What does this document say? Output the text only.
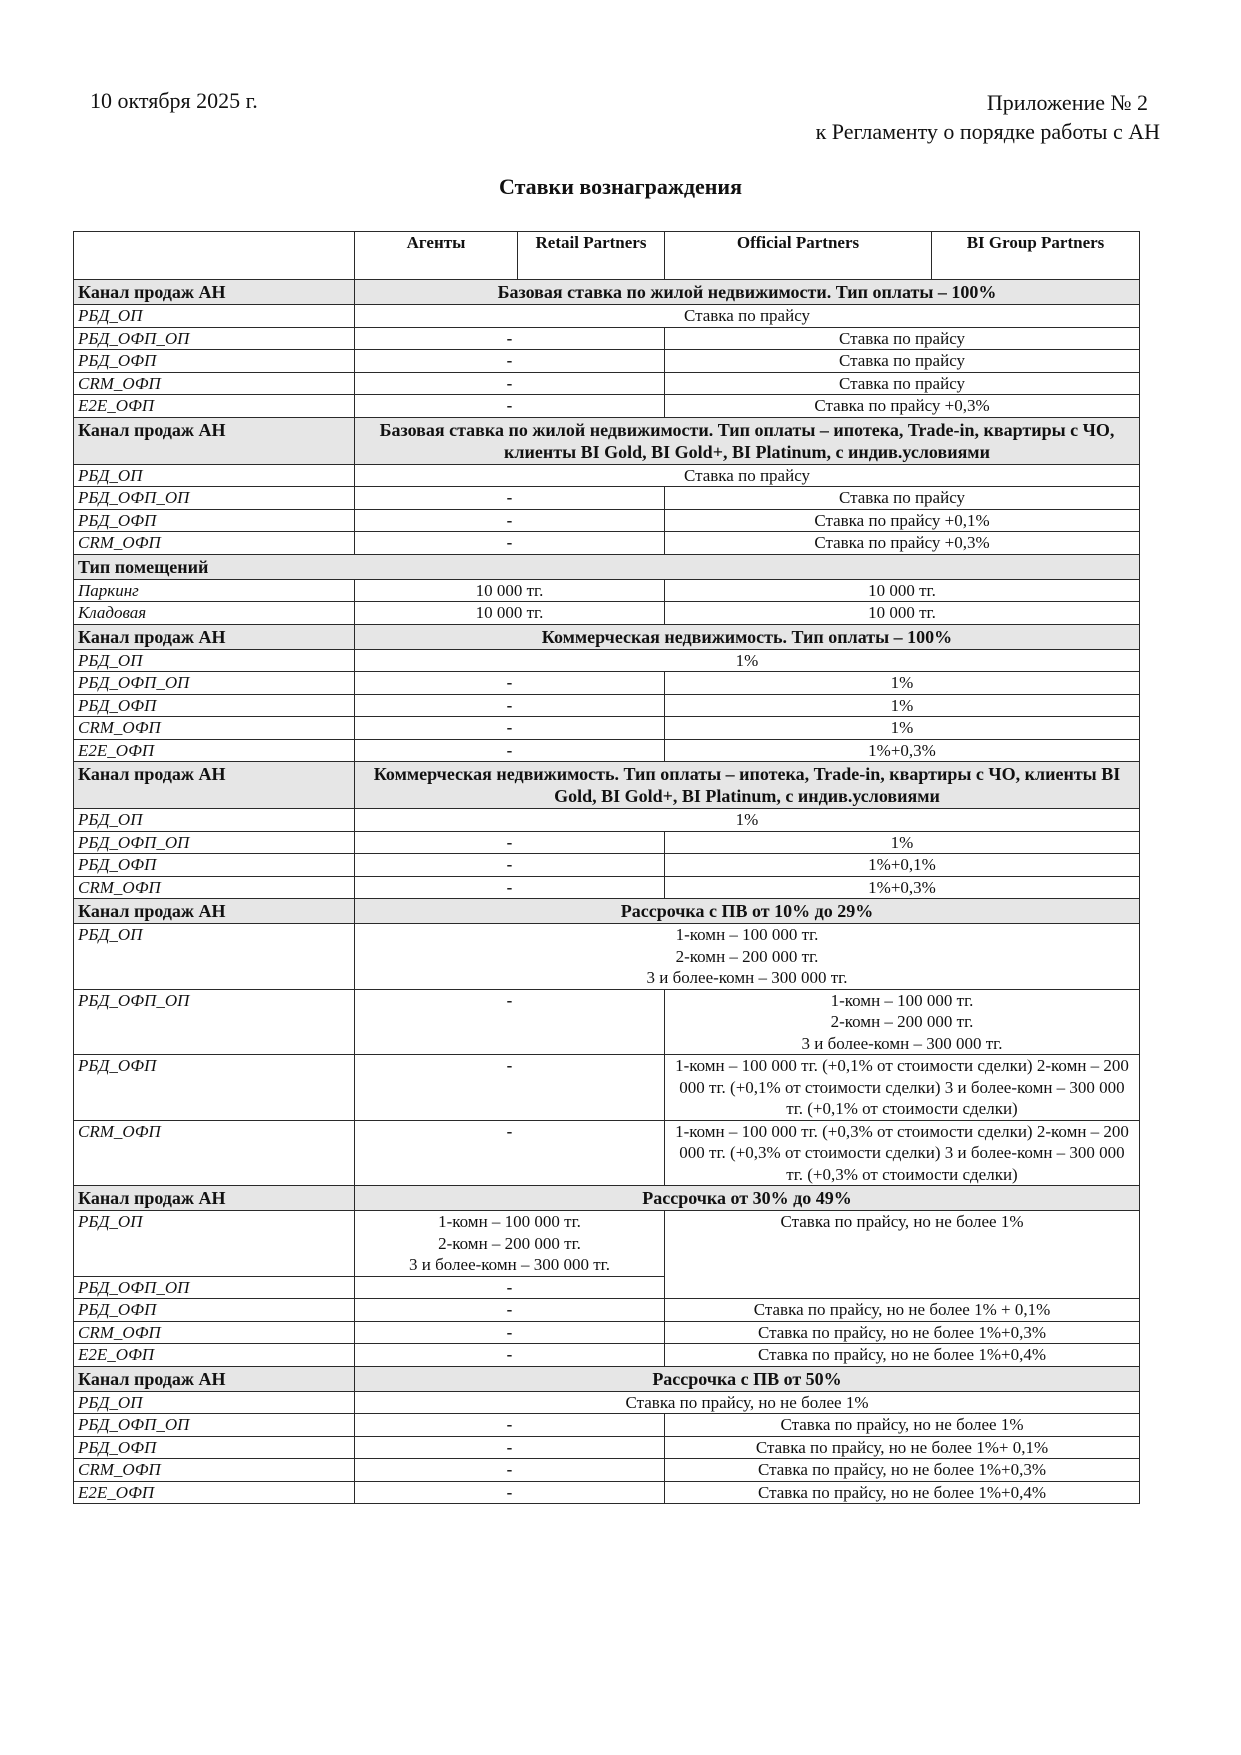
10 октября 2025 г.	Приложение № 2
к Регламенту о порядке работы с АН
Ставки вознаграждения
	Агенты	Retail Partners	Official Partners	BI Group Partners
Канал продаж АН	Базовая ставка по жилой недвижимости. Тип оплаты – 100%			
РБД_ОП	Ставка по прайсу			
РБД_ОФП_ОП	-		Ставка по прайсу	
РБД_ОФП	-		Ставка по прайсу	
CRM_ОФП	-		Ставка по прайсу	
E2E_ОФП	-		Ставка по прайсу +0,3%	
Канал продаж АН	Базовая ставка по жилой недвижимости. Тип оплаты – ипотека, Trade-in, квартиры с ЧО, клиенты BI Gold, BI Gold+, BI Platinum, с индив.условиями			
РБД_ОП	Ставка по прайсу			
РБД_ОФП_ОП	-		Ставка по прайсу	
РБД_ОФП	-		Ставка по прайсу +0,1%	
CRM_ОФП	-		Ставка по прайсу +0,3%	
Тип помещений				
Паркинг	10 000 тг.		10 000 тг.	
Кладовая	10 000 тг.		10 000 тг.	
Канал продаж АН	Коммерческая недвижимость. Тип оплаты – 100%			
РБД_ОП	1%			
РБД_ОФП_ОП	-		1%	
РБД_ОФП	-		1%	
CRM_ОФП	-		1%	
E2E_ОФП	-		1%+0,3%	
Канал продаж АН	Коммерческая недвижимость. Тип оплаты – ипотека, Trade-in, квартиры с ЧО, клиенты BI Gold, BI Gold+, BI Platinum, с индив.условиями			
РБД_ОП	1%			
РБД_ОФП_ОП	-		1%	
РБД_ОФП	-		1%+0,1%	
CRM_ОФП	-		1%+0,3%	
Канал продаж АН	Рассрочка с ПВ от 10% до 29%			
РБД_ОП	1-комн – 100 000 тг.
2-комн – 200 000 тг.
3 и более-комн – 300 000 тг.			
РБД_ОФП_ОП	-		1-комн – 100 000 тг.
2-комн – 200 000 тг.
3 и более-комн – 300 000 тг.	
РБД_ОФП	-		1-комн – 100 000 тг. (+0,1% от стоимости сделки) 2-комн – 200 000 тг. (+0,1% от стоимости сделки) 3 и более-комн – 300 000 тг. (+0,1% от стоимости сделки)	
CRM_ОФП	-		1-комн – 100 000 тг. (+0,3% от стоимости сделки) 2-комн – 200 000 тг. (+0,3% от стоимости сделки) 3 и более-комн – 300 000 тг. (+0,3% от стоимости сделки)	
Канал продаж АН	Рассрочка от 30% до 49%			
РБД_ОП	1-комн – 100 000 тг.
2-комн – 200 000 тг.
3 и более-комн – 300 000 тг.		Ставка по прайсу, но не более 1%	
РБД_ОФП_ОП	-			
РБД_ОФП	-		Ставка по прайсу, но не более 1% + 0,1%	
CRM_ОФП	-		Ставка по прайсу, но не более 1%+0,3%	
E2E_ОФП	-		Ставка по прайсу, но не более 1%+0,4%	
Канал продаж АН	Рассрочка с ПВ от 50%			
РБД_ОП	Ставка по прайсу, но не более 1%			
РБД_ОФП_ОП	-		Ставка по прайсу, но не более 1%	
РБД_ОФП	-		Ставка по прайсу, но не более 1%+ 0,1%	
CRM_ОФП	-		Ставка по прайсу, но не более 1%+0,3%	
E2E_ОФП	-		Ставка по прайсу, но не более 1%+0,4%	
